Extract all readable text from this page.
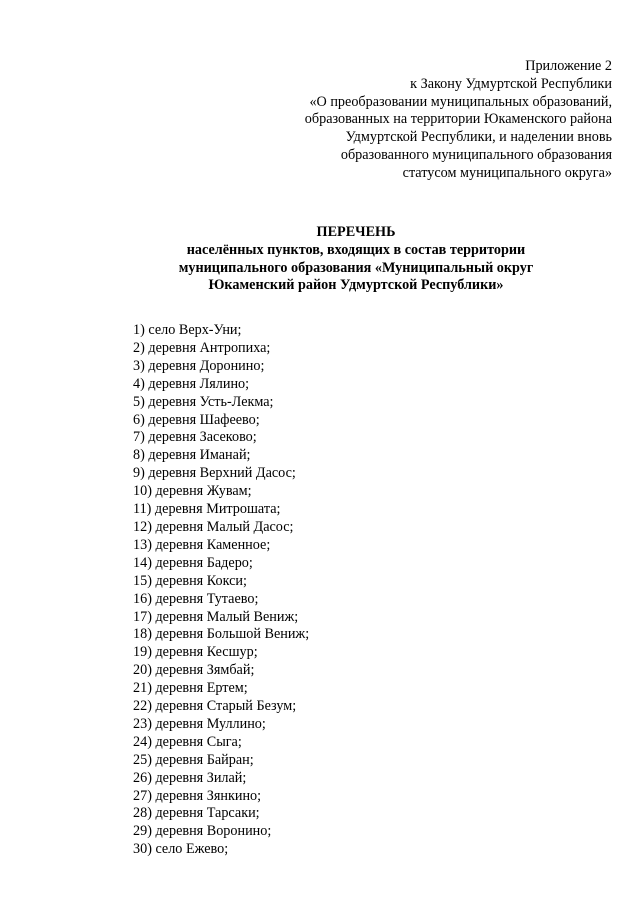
Приложение 2
к Закону Удмуртской Республики
«О преобразовании муниципальных образований,
образованных на территории Юкаменского района
Удмуртской Республики, и наделении вновь
образованного муниципального образования
статусом муниципального округа»
ПЕРЕЧЕНЬ
населённых пунктов, входящих в состав территории
муниципального образования «Муниципальный округ
Юкаменский район Удмуртской Республики»
1) село Верх-Уни;
2) деревня Антропиха;
3) деревня Доронино;
4) деревня Лялино;
5) деревня Усть-Лекма;
6) деревня Шафеево;
7) деревня Засеково;
8) деревня Иманай;
9) деревня Верхний Дасос;
10) деревня Жувам;
11) деревня Митрошата;
12) деревня Малый Дасос;
13) деревня Каменное;
14) деревня Бадеро;
15) деревня Кокси;
16) деревня Тутаево;
17) деревня Малый Вениж;
18) деревня Большой Вениж;
19) деревня Кесшур;
20) деревня Зямбай;
21) деревня Ертем;
22) деревня Старый Безум;
23) деревня Муллино;
24) деревня Сыга;
25) деревня Байран;
26) деревня Зилай;
27) деревня Зянкино;
28) деревня Тарсаки;
29) деревня Воронино;
30) село Ежево;
